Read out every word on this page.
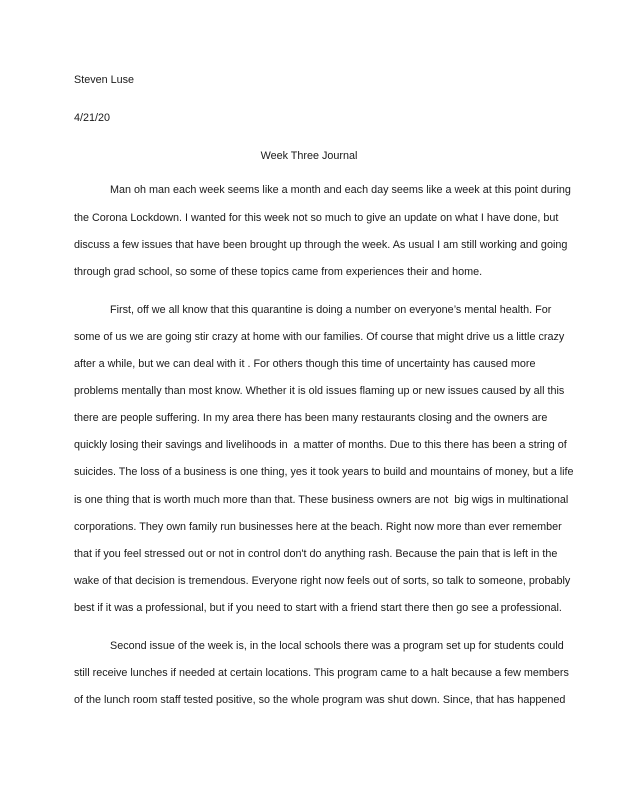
Steven Luse
4/21/20
Week Three Journal
Man oh man each week seems like a month and each day seems like a week at this point during
the Corona Lockdown. I wanted for this week not so much to give an update on what I have done, but
discuss a few issues that have been brought up through the week. As usual I am still working and going
through grad school, so some of these topics came from experiences their and home.
First, off we all know that this quarantine is doing a number on everyone’s mental health. For
some of us we are going stir crazy at home with our families. Of course that might drive us a little crazy
after a while, but we can deal with it . For others though this time of uncertainty has caused more
problems mentally than most know. Whether it is old issues flaming up or new issues caused by all this
there are people suffering. In my area there has been many restaurants closing and the owners are
quickly losing their savings and livelihoods in  a matter of months. Due to this there has been a string of
suicides. The loss of a business is one thing, yes it took years to build and mountains of money, but a life
is one thing that is worth much more than that. These business owners are not  big wigs in multinational
corporations. They own family run businesses here at the beach. Right now more than ever remember
that if you feel stressed out or not in control don't do anything rash. Because the pain that is left in the
wake of that decision is tremendous. Everyone right now feels out of sorts, so talk to someone, probably
best if it was a professional, but if you need to start with a friend start there then go see a professional.
Second issue of the week is, in the local schools there was a program set up for students could
still receive lunches if needed at certain locations. This program came to a halt because a few members
of the lunch room staff tested positive, so the whole program was shut down. Since, that has happened
